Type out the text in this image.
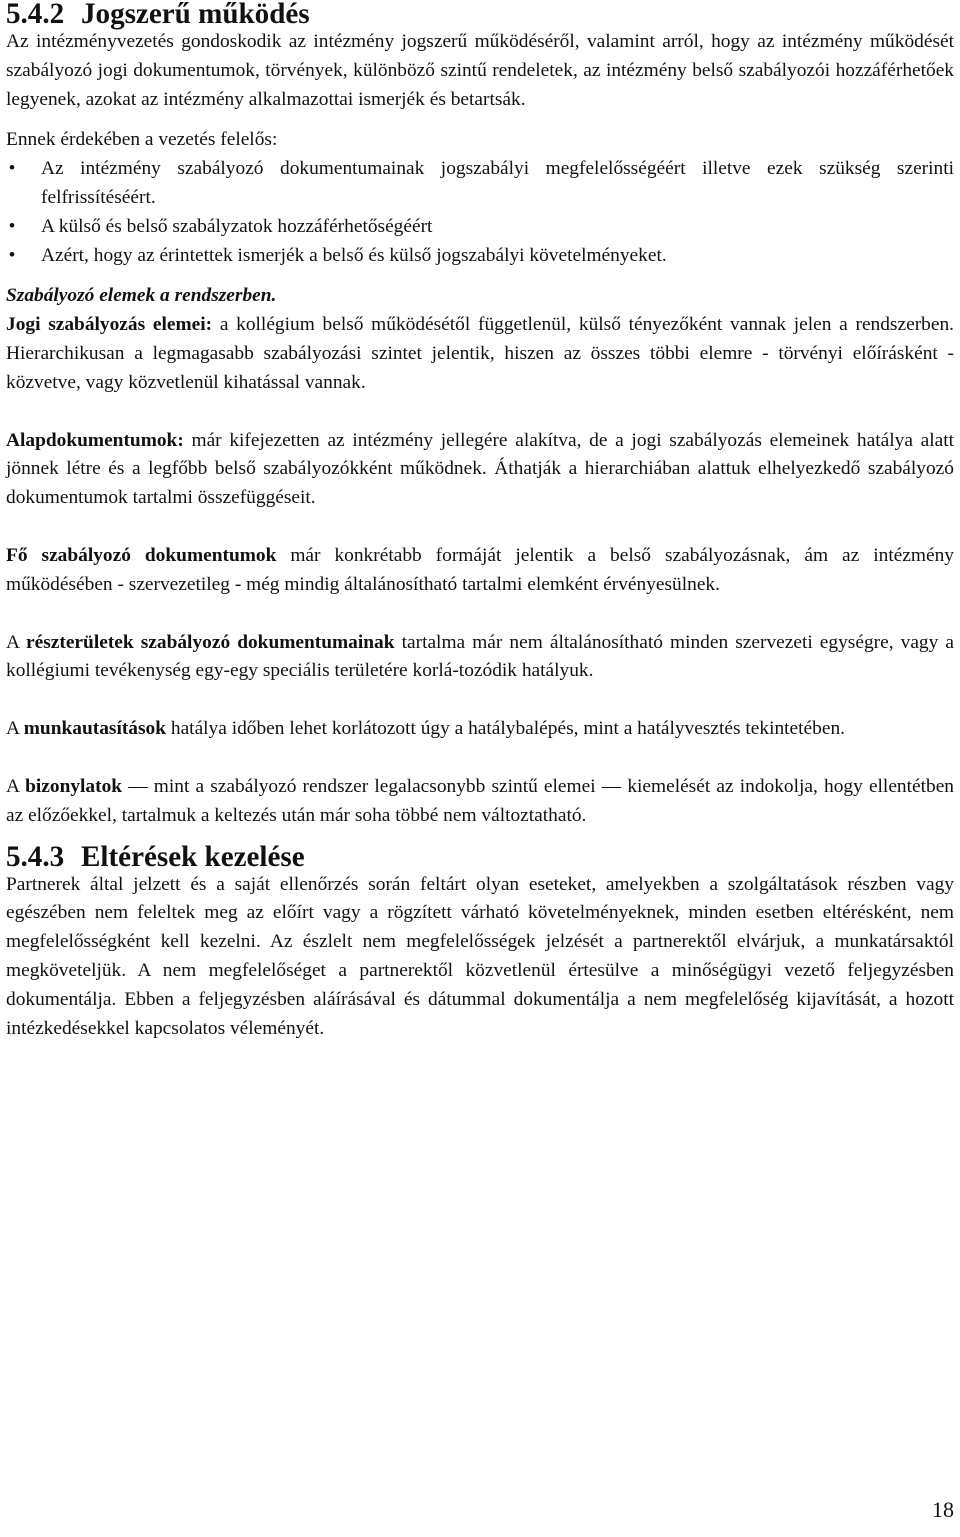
5.4.2 Jogszerű működés

Az intézményvezetés gondoskodik az intézmény jogszerű működéséről, valamint arról, hogy az intézmény működését szabályozó jogi dokumentumok, törvények, különböző szintű rendeletek, az intézmény belső szabályozói hozzáférhetőek legyenek, azokat az intézmény alkalmazottai ismerjék és betartsák.

Ennek érdekében a vezetés felelős:

• Az intézmény szabályozó dokumentumainak jogszabályi megfelelősségéért illetve ezek szükség szerinti felfrissítéséért.
• A külső és belső szabályzatok hozzáférhetőségéért
• Azért, hogy az érintettek ismerjék a belső és külső jogszabályi követelményeket.

Szabályozó elemek a rendszerben.

Jogi szabályozás elemei: a kollégium belső működésétől függetlenül, külső tényezőként vannak jelen a rendszerben. Hierarchikusan a legmagasabb szabályozási szintet jelentik, hiszen az összes többi elemre - törvényi előírásként - közvetve, vagy közvetlenül kihatással vannak.

Alapdokumentumok: már kifejezetten az intézmény jellegére alakítva, de a jogi szabályozás elemeinek hatálya alatt jönnek létre és a legfőbb belső szabályozókként működnek. Áthatják a hierarchiában alattuk elhelyezkedő szabályozó dokumentumok tartalmi összefüggéseit.

Fő szabályozó dokumentumok már konkrétabb formáját jelentik a belső szabályozásnak, ám az intézmény működésében - szervezetileg - még mindig általánosítható tartalmi elemként érvényesülnek.

A részterületek szabályozó dokumentumainak tartalma már nem általánosítható minden szervezeti egységre, vagy a kollégiumi tevékenység egy-egy speciális területére korlá-tozódik hatályuk.

A munkautasítások hatálya időben lehet korlátozott úgy a hatálybalépés, mint a hatályvesztés tekintetében.

A bizonylatok — mint a szabályozó rendszer legalacsonybb szintű elemei — kiemelését az indokolja, hogy ellentétben az előzőekkel, tartalmuk a keltezés után már soha többé nem változtatható.

5.4.3 Eltérések kezelése

Partnerek által jelzett és a saját ellenőrzés során feltárt olyan eseteket, amelyekben a szolgáltatások részben vagy egészében nem feleltek meg az előírt vagy a rögzített várható követelményeknek, minden esetben eltérésként, nem megfelelősségként kell kezelni. Az észlelt nem megfelelősségek jelzését a partnerektől elvárjuk, a munkatársaktól megköveteljük. A nem megfelelőséget a partnerektől közvetlenül értesülve a minőségügyi vezető feljegyzésben dokumentálja. Ebben a feljegyzésben aláírásával és dátummal dokumentálja a nem megfelelőség kijavítását, a hozott intézkedésekkel kapcsolatos véleményét.

18
